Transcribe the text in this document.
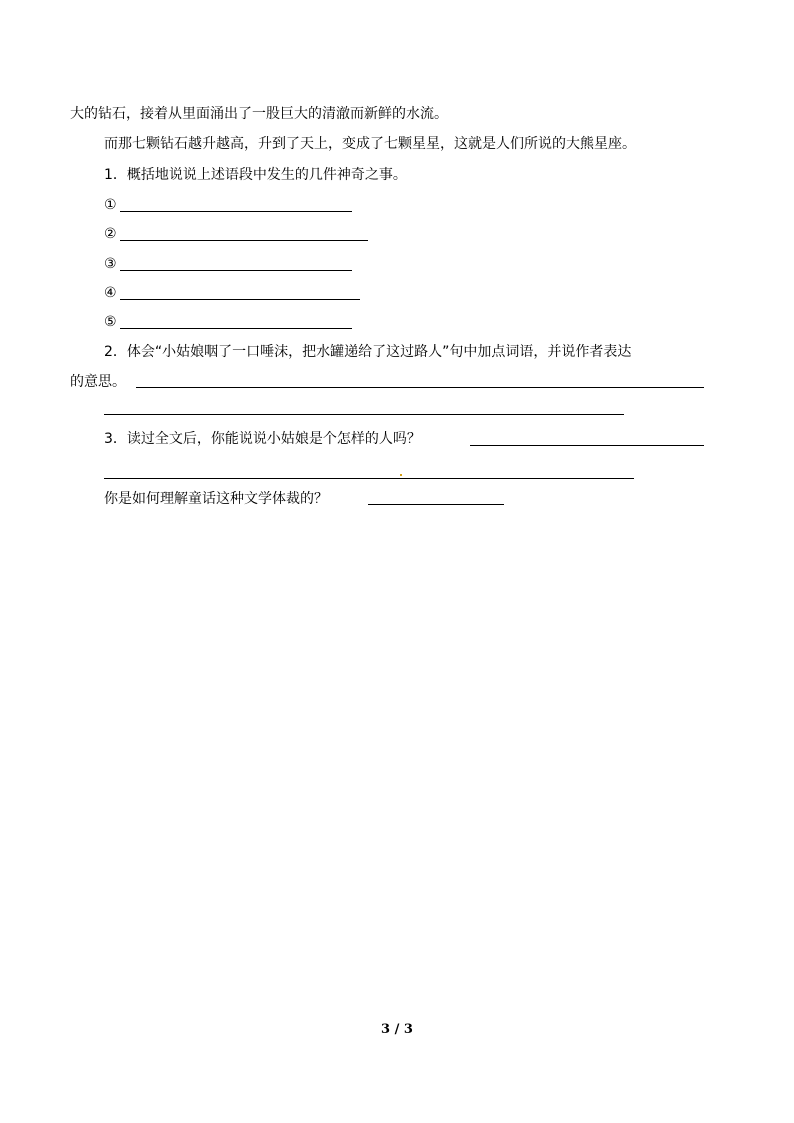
大的钻石，接着从里面涌出了一股巨大的清澈而新鲜的水流。
而那七颗钻石越升越高，升到了天上，变成了七颗星星，这就是人们所说的大熊星座。
1．概括地说说上述语段中发生的几件神奇之事。
①
②
③
④
⑤
2．体会“小姑娘咽了一口唾沫，把水罐递给了这过路人”句中加点词语，并说作者表达
的意思。
3．读过全文后，你能说说小姑娘是个怎样的人吗？
你是如何理解童话这种文学体裁的？
3 / 3
